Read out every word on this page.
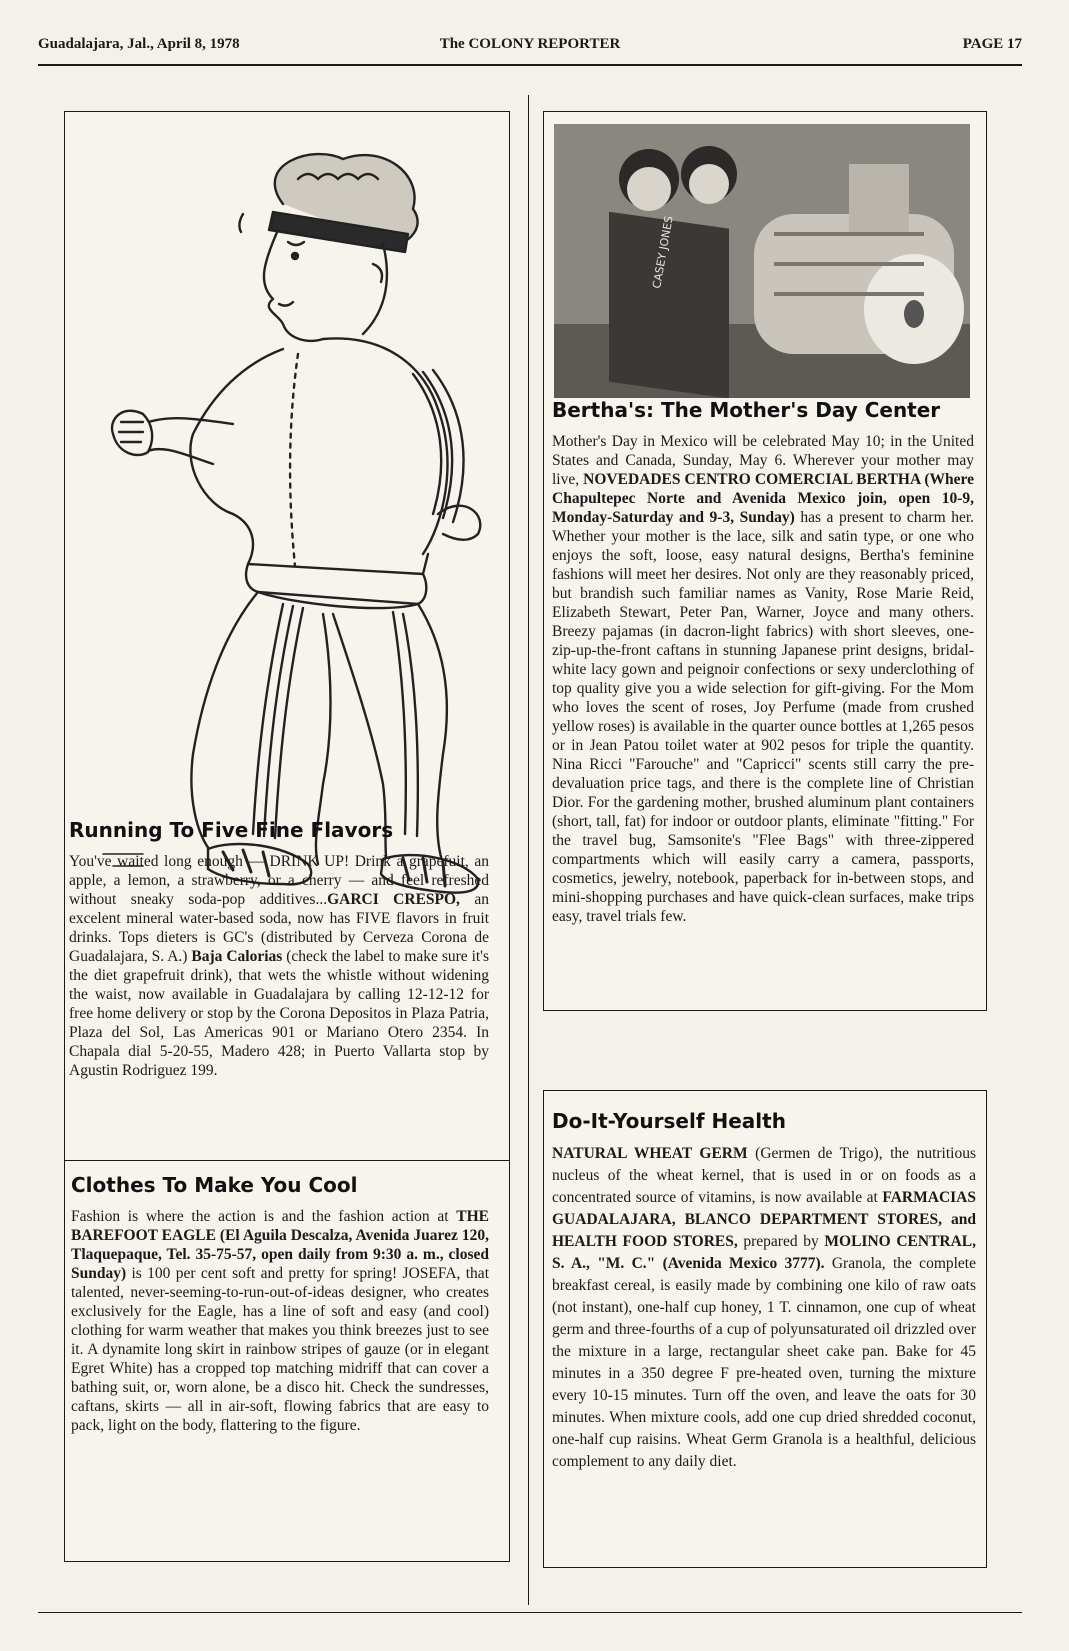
Guadalajara, Jal., April 8, 1978	The COLONY REPORTER	PAGE 17
Running To Five Fine Flavors

You've waited long enough — DRINK UP! Drink a grapefuit, an apple, a lemon, a strawberry, or a cherry — and feel refreshed without sneaky soda-pop additives...GARCI CRESPO, an excelent mineral water-based soda, now has FIVE flavors in fruit drinks. Tops dieters is GC's (distributed by Cerveza Corona de Guadalajara, S. A.) Baja Calorias (check the label to make sure it's the diet grapefruit drink), that wets the whistle without widening the waist, now available in Guadalajara by calling 12-12-12 for free home delivery or stop by the Corona Depositos in Plaza Patria, Plaza del Sol, Las Americas 901 or Mariano Otero 2354. In Chapala dial 5-20-55, Madero 428; in Puerto Vallarta stop by Agustin Rodriguez 199.

Clothes To Make You Cool

Fashion is where the action is and the fashion action at THE BAREFOOT EAGLE (El Aguila Descalza, Avenida Juarez 120, Tlaquepaque, Tel. 35-75-57, open daily from 9:30 a. m., closed Sunday) is 100 per cent soft and pretty for spring! JOSEFA, that talented, never-seeming-to-run-out-of-ideas designer, who creates exclusively for the Eagle, has a line of soft and easy (and cool) clothing for warm weather that makes you think breezes just to see it. A dynamite long skirt in rainbow stripes of gauze (or in elegant Egret White) has a cropped top matching midriff that can cover a bathing suit, or, worn alone, be a disco hit. Check the sundresses, caftans, skirts — all in air-soft, flowing fabrics that are easy to pack, light on the body, flattering to the figure.

CASEY JONES
Bertha's: The Mother's Day Center

Mother's Day in Mexico will be celebrated May 10; in the United States and Canada, Sunday, May 6. Wherever your mother may live, NOVEDADES CENTRO COMERCIAL BERTHA (Where Chapultepec Norte and Avenida Mexico join, open 10-9, Monday-Saturday and 9-3, Sunday) has a present to charm her. Whether your mother is the lace, silk and satin type, or one who enjoys the soft, loose, easy natural designs, Bertha's feminine fashions will meet her desires. Not only are they reasonably priced, but brandish such familiar names as Vanity, Rose Marie Reid, Elizabeth Stewart, Peter Pan, Warner, Joyce and many others. Breezy pajamas (in dacron-light fabrics) with short sleeves, one-zip-up-the-front caftans in stunning Japanese print designs, bridal-white lacy gown and peignoir confections or sexy underclothing of top quality give you a wide selection for gift-giving. For the Mom who loves the scent of roses, Joy Perfume (made from crushed yellow roses) is available in the quarter ounce bottles at 1,265 pesos or in Jean Patou toilet water at 902 pesos for triple the quantity. Nina Ricci "Farouche" and "Capricci" scents still carry the pre-devaluation price tags, and there is the complete line of Christian Dior. For the gardening mother, brushed aluminum plant containers (short, tall, fat) for indoor or outdoor plants, eliminate "fitting." For the travel bug, Samsonite's "Flee Bags" with three-zippered compartments which will easily carry a camera, passports, cosmetics, jewelry, notebook, paperback for in-between stops, and mini-shopping purchases and have quick-clean surfaces, make trips easy, travel trials few.

Do-It-Yourself Health

NATURAL WHEAT GERM (Germen de Trigo), the nutritious nucleus of the wheat kernel, that is used in or on foods as a concentrated source of vitamins, is now available at FARMACIAS GUADALAJARA, BLANCO DEPARTMENT STORES, and HEALTH FOOD STORES, prepared by MOLINO CENTRAL, S. A., "M. C." (Avenida Mexico 3777). Granola, the complete breakfast cereal, is easily made by combining one kilo of raw oats (not instant), one-half cup honey, 1 T. cinnamon, one cup of wheat germ and three-fourths of a cup of polyunsaturated oil drizzled over the mixture in a large, rectangular sheet cake pan. Bake for 45 minutes in a 350 degree F pre-heated oven, turning the mixture every 10-15 minutes. Turn off the oven, and leave the oats for 30 minutes. When mixture cools, add one cup dried shredded coconut, one-half cup raisins. Wheat Germ Granola is a healthful, delicious complement to any daily diet.
